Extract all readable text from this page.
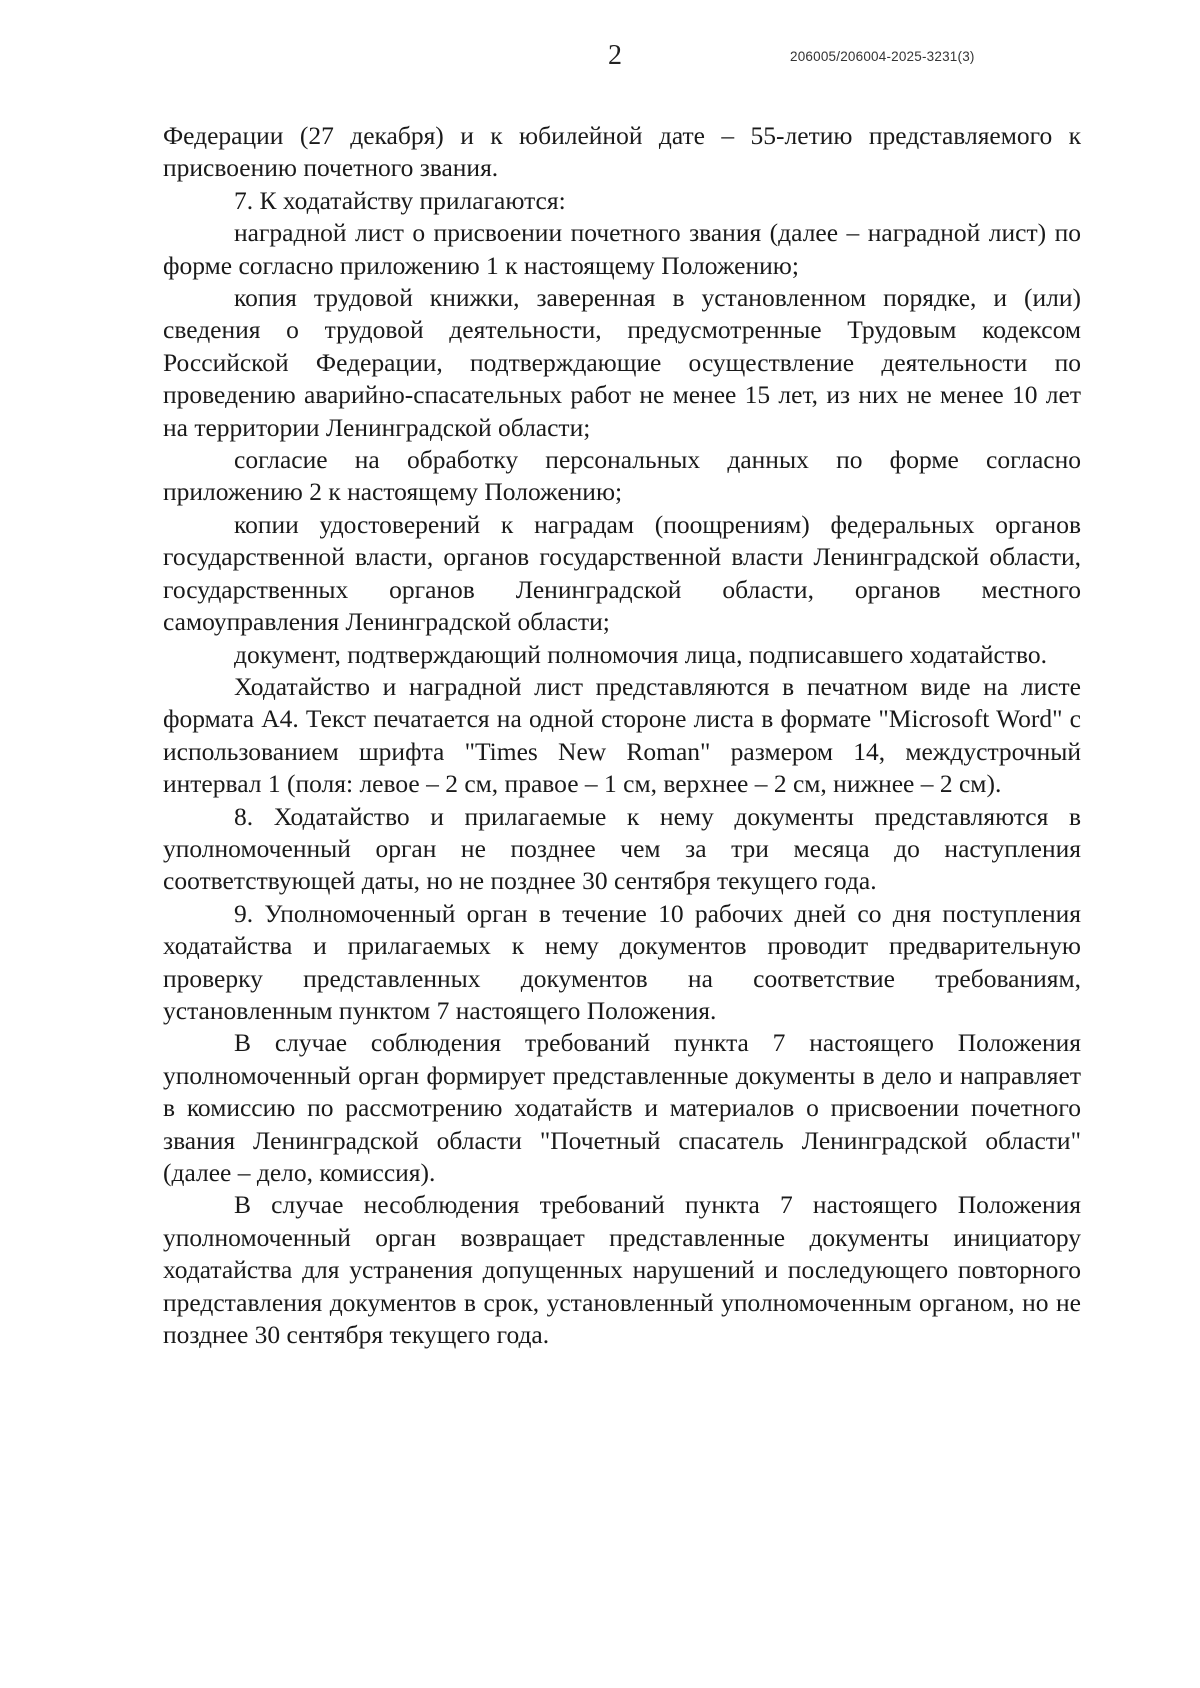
2	206005/206004-2025-3231(3)

Федерации (27 декабря) и к юбилейной дате – 55-летию представляемого к присвоению почетного звания.

7. К ходатайству прилагаются:

наградной лист о присвоении почетного звания (далее – наградной лист) по форме согласно приложению 1 к настоящему Положению;

копия трудовой книжки, заверенная в установленном порядке, и (или) сведения о трудовой деятельности, предусмотренные Трудовым кодексом Российской Федерации, подтверждающие осуществление деятельности по проведению аварийно-спасательных работ не менее 15 лет, из них не менее 10 лет на территории Ленинградской области;

согласие на обработку персональных данных по форме согласно приложению 2 к настоящему Положению;

копии удостоверений к наградам (поощрениям) федеральных органов государственной власти, органов государственной власти Ленинградской области, государственных органов Ленинградской области, органов местного самоуправления Ленинградской области;

документ, подтверждающий полномочия лица, подписавшего ходатайство.

Ходатайство и наградной лист представляются в печатном виде на листе формата А4. Текст печатается на одной стороне листа в формате "Microsoft Word" с использованием шрифта "Times New Roman" размером 14, междустрочный интервал 1 (поля: левое – 2 см, правое – 1 см, верхнее – 2 см, нижнее – 2 см).

8. Ходатайство и прилагаемые к нему документы представляются в уполномоченный орган не позднее чем за три месяца до наступления соответствующей даты, но не позднее 30 сентября текущего года.

9. Уполномоченный орган в течение 10 рабочих дней со дня поступления ходатайства и прилагаемых к нему документов проводит предварительную проверку представленных документов на соответствие требованиям, установленным пунктом 7 настоящего Положения.

В случае соблюдения требований пункта 7 настоящего Положения уполномоченный орган формирует представленные документы в дело и направляет в комиссию по рассмотрению ходатайств и материалов о присвоении почетного звания Ленинградской области "Почетный спасатель Ленинградской области" (далее – дело, комиссия).

В случае несоблюдения требований пункта 7 настоящего Положения уполномоченный орган возвращает представленные документы инициатору ходатайства для устранения допущенных нарушений и последующего повторного представления документов в срок, установленный уполномоченным органом, но не позднее 30 сентября текущего года.
